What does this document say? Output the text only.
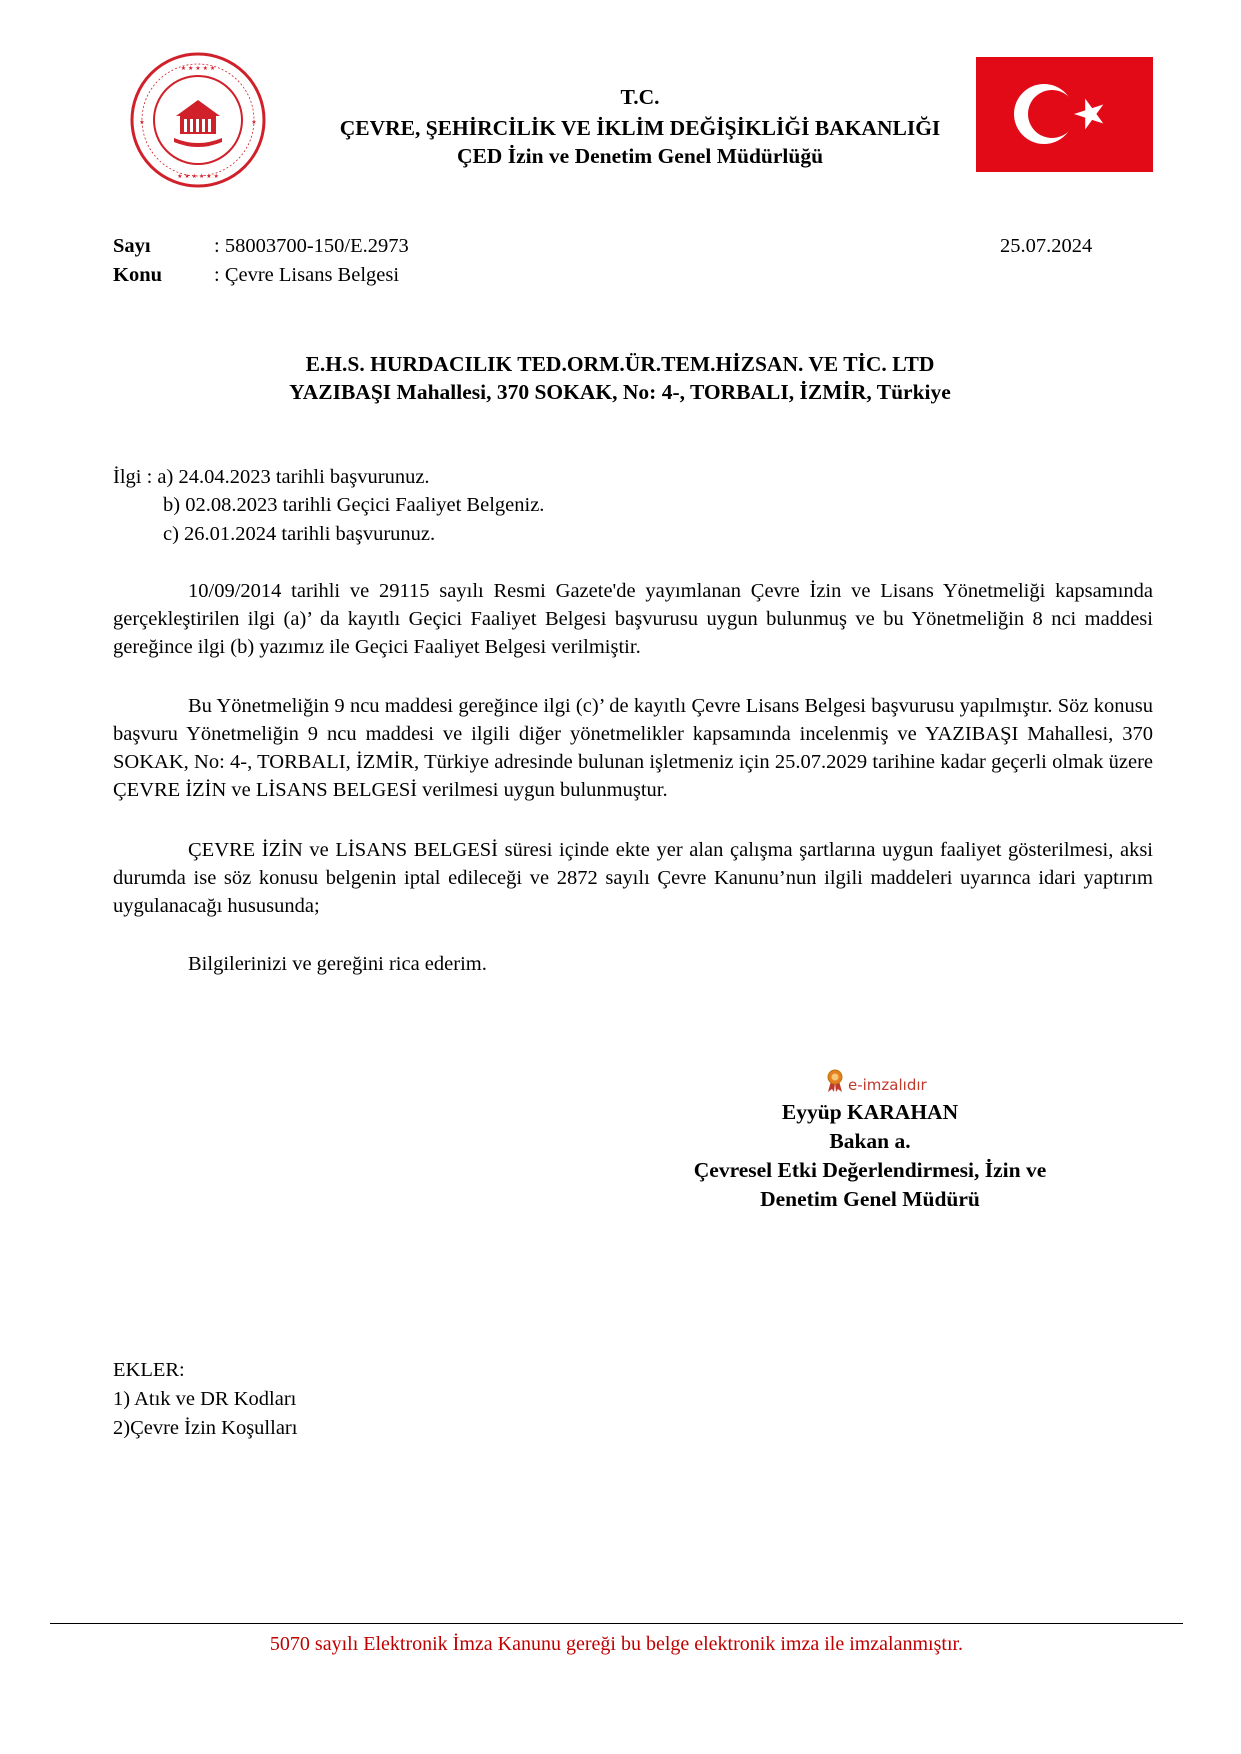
★ ★ ★ ★ ★
★ ★ ★ ★ ★ ★
★	★
T.C.
ÇEVRE, ŞEHİRCİLİK VE İKLİM DEĞİŞİKLİĞİ BAKANLIĞI
ÇED İzin ve Denetim Genel Müdürlüğü
Sayı	: 58003700-150/E.2973	25.07.2024
Konu	: Çevre Lisans Belgesi
E.H.S. HURDACILIK TED.ORM.ÜR.TEM.HİZSAN. VE TİC. LTD
YAZIBAŞI Mahallesi, 370 SOKAK, No: 4-, TORBALI, İZMİR, Türkiye
İlgi : a) 24.04.2023 tarihli başvurunuz.
b) 02.08.2023 tarihli Geçici Faaliyet Belgeniz.
c) 26.01.2024 tarihli başvurunuz.
10/09/2014 tarihli ve 29115 sayılı Resmi Gazete'de yayımlanan Çevre İzin ve Lisans Yönetmeliği kapsamında gerçekleştirilen ilgi (a)’ da kayıtlı Geçici Faaliyet Belgesi başvurusu uygun bulunmuş ve bu Yönetmeliğin 8 nci maddesi gereğince ilgi (b) yazımız ile Geçici Faaliyet Belgesi verilmiştir.
Bu Yönetmeliğin 9 ncu maddesi gereğince ilgi (c)’ de kayıtlı Çevre Lisans Belgesi başvurusu yapılmıştır. Söz konusu başvuru Yönetmeliğin 9 ncu maddesi ve ilgili diğer yönetmelikler kapsamında incelenmiş ve YAZIBAŞI Mahallesi, 370 SOKAK, No: 4-, TORBALI, İZMİR, Türkiye adresinde bulunan işletmeniz için 25.07.2029 tarihine kadar geçerli olmak üzere ÇEVRE İZİN ve LİSANS BELGESİ verilmesi uygun bulunmuştur.
ÇEVRE İZİN ve LİSANS BELGESİ süresi içinde ekte yer alan çalışma şartlarına uygun faaliyet gösterilmesi, aksi durumda ise söz konusu belgenin iptal edileceği ve 2872 sayılı Çevre Kanunu’nun ilgili maddeleri uyarınca idari yaptırım uygulanacağı hususunda;
Bilgilerinizi ve gereğini rica ederim.
e-imzalıdır
Eyyüp KARAHAN
Bakan a.
Çevresel Etki Değerlendirmesi, İzin ve
Denetim Genel Müdürü
EKLER:
1) Atık ve DR Kodları
2)Çevre İzin Koşulları
5070 sayılı Elektronik İmza Kanunu gereği bu belge elektronik imza ile imzalanmıştır.
